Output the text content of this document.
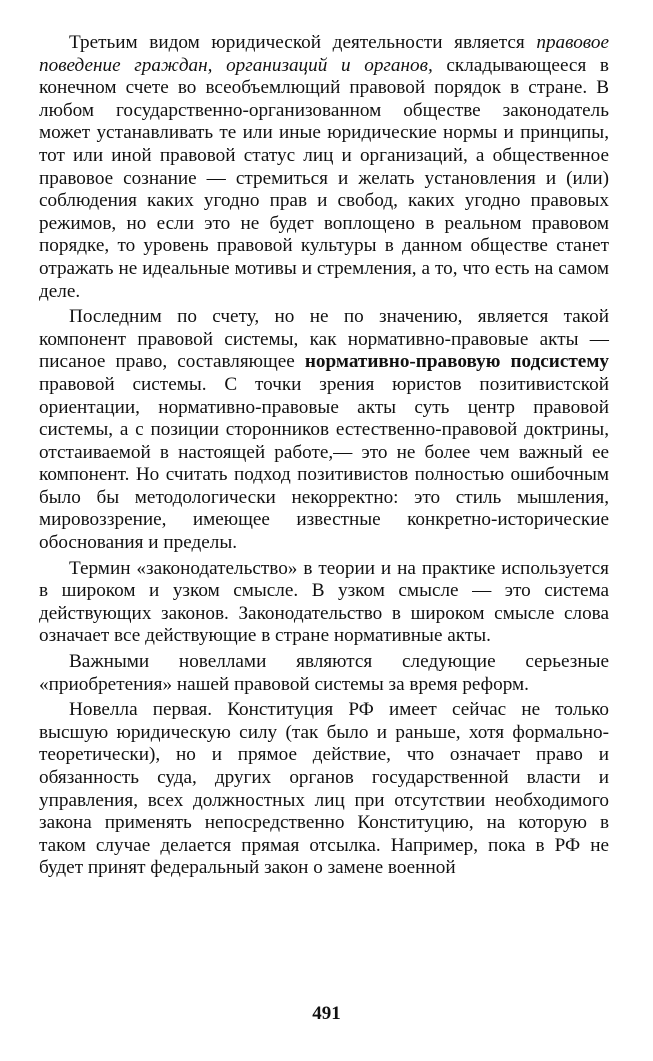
Третьим видом юридической деятельности является правовое поведение граждан, организаций и органов, складывающееся в конечном счете во всеобъемлющий правовой порядок в стране. В любом государственно-организованном обществе законодатель может устанавливать те или иные юридические нормы и принципы, тот или иной правовой статус лиц и организаций, а общественное правовое сознание — стремиться и желать установления и (или) соблюдения каких угодно прав и свобод, каких угодно правовых режимов, но если это не будет воплощено в реальном правовом порядке, то уровень правовой культуры в данном обществе станет отражать не идеальные мотивы и стремления, а то, что есть на самом деле.

Последним по счету, но не по значению, является такой компонент правовой системы, как нормативно-правовые акты — писаное право, составляющее нормативно-правовую подсистему правовой системы. С точки зрения юристов позитивистской ориентации, нормативно-правовые акты суть центр правовой системы, а с позиции сторонников естественно-правовой доктрины, отстаиваемой в настоящей работе,— это не более чем важный ее компонент. Но считать подход позитивистов полностью ошибочным было бы методологически некорректно: это стиль мышления, мировоззрение, имеющее известные конкретно-исторические обоснования и пределы.

Термин «законодательство» в теории и на практике используется в широком и узком смысле. В узком смысле — это система действующих законов. Законодательство в широком смысле слова означает все действующие в стране нормативные акты.

Важными новеллами являются следующие серьезные «приобретения» нашей правовой системы за время реформ.

Новелла первая. Конституция РФ имеет сейчас не только высшую юридическую силу (так было и раньше, хотя формально-теоретически), но и прямое действие, что означает право и обязанность суда, других органов государственной власти и управления, всех должностных лиц при отсутствии необходимого закона применять непосредственно Конституцию, на которую в таком случае делается прямая отсылка. Например, пока в РФ не будет принят федеральный закон о замене военной

491
